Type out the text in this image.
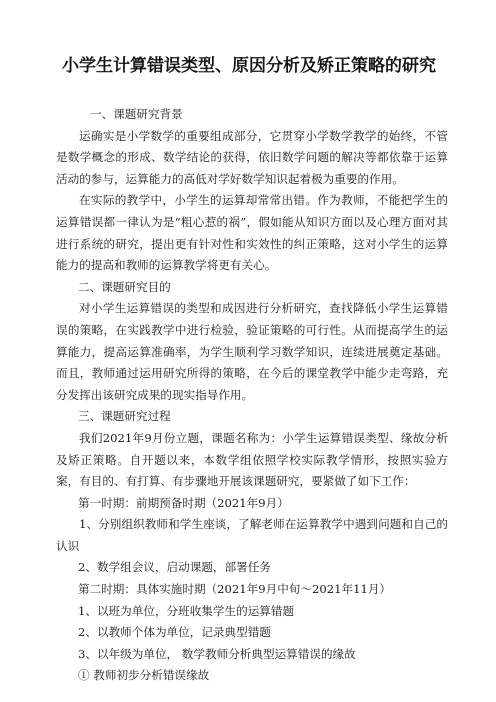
小学生计算错误类型、原因分析及矫正策略的研究

一、课题研究背景

运确实是小学数学的重要组成部分，它贯穿小学数学教学的始终，不管是数学概念的形成、数学结论的获得，依旧数学问题的解决等都依靠于运算活动的参与，运算能力的高低对学好数学知识起着极为重要的作用。

在实际的教学中，小学生的运算却常常出错。作为教师，不能把学生的运算错误都一律认为是“粗心惹的祸”，假如能从知识方面以及心理方面对其进行系统的研究，提出更有针对性和实效性的纠正策略，这对小学生的运算能力的提高和教师的运算教学将更有关心。

二、课题研究目的

对小学生运算错误的类型和成因进行分析研究，查找降低小学生运算错误的策略，在实践教学中进行检验，验证策略的可行性。从而提高学生的运算能力，提高运算准确率，为学生顺利学习数学知识，连续进展奠定基础。而且，教师通过运用研究所得的策略，在今后的课堂教学中能少走弯路，充分发挥出该研究成果的现实指导作用。

三、课题研究过程

我们2021年9月份立题，课题名称为：小学生运算错误类型、缘故分析及矫正策略。自开题以来，本数学组依照学校实际教学情形，按照实验方案，有目的、有打算、有步骤地开展该课题研究，要紧做了如下工作：

第一时期：前期预备时期（2021年9月）

1、分别组织教师和学生座谈，了解老师在运算教学中遇到问题和自己的认识

2、数学组会议，启动课题，部署任务

第二时期：具体实施时期（2021年9月中旬～2021年11月）

1、以班为单位，分班收集学生的运算错题

2、以教师个体为单位，记录典型错题

3、以年级为单位， 数学教师分析典型运算错误的缘故

① 教师初步分析错误缘故
